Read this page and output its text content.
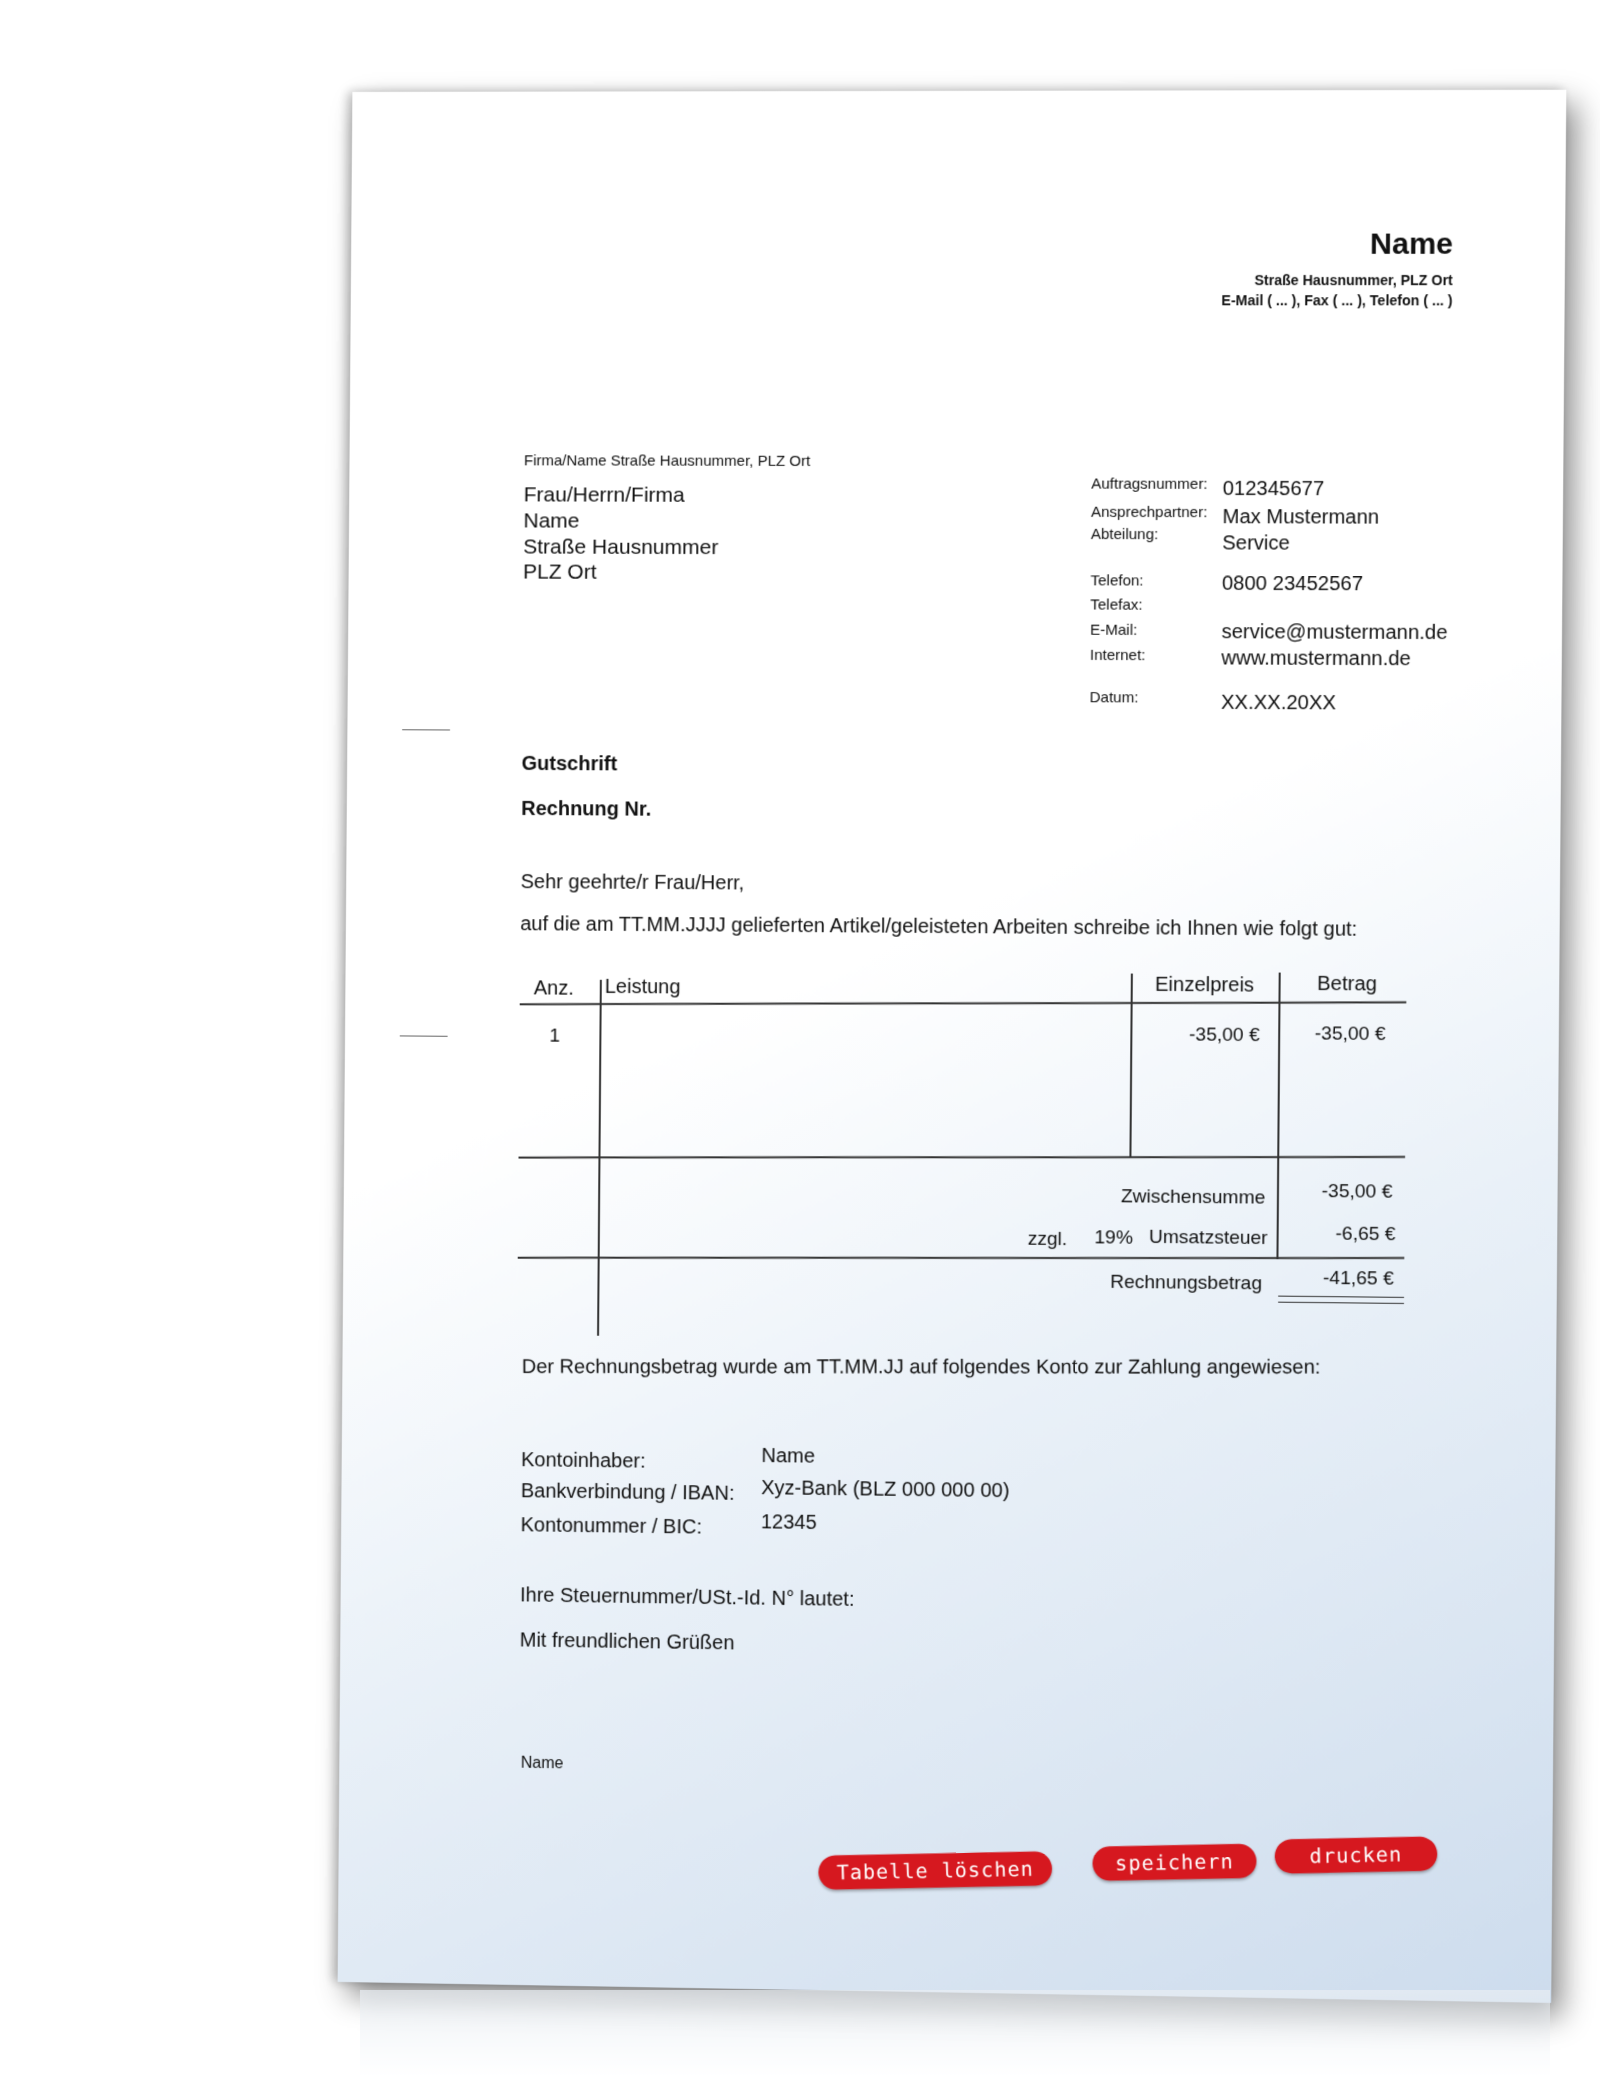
Name
Straße Hausnummer, PLZ Ort
E-Mail ( ... ), Fax ( ... ), Telefon ( ... )
Firma/Name Straße Hausnummer, PLZ Ort
Frau/Herrn/Firma
Name
Straße Hausnummer
PLZ Ort
Auftragsnummer: 012345677
Ansprechpartner: Max Mustermann
Abteilung:	Service
Telefon:	0800 23452567
Telefax:
E-Mail:	service@mustermann.de
Internet:	www.mustermann.de
Datum:	XX.XX.20XX
Gutschrift
Rechnung Nr.
Sehr geehrte/r Frau/Herr,
auf die am TT.MM.JJJJ gelieferten Artikel/geleisteten Arbeiten schreibe ich Ihnen wie folgt gut:
Anz. Leistung	Einzelpreis	Betrag
1	-35,00 €	-35,00 €
Zwischensumme	-35,00 €
zzgl. 19% Umsatzsteuer	-6,65 €
Rechnungsbetrag	-41,65 €
Der Rechnungsbetrag wurde am TT.MM.JJ auf folgendes Konto zur Zahlung angewiesen:
Kontoinhaber:	Name
Bankverbindung / IBAN: Xyz-Bank (BLZ 000 000 00)
Kontonummer / BIC:	12345
Ihre Steuernummer/USt.-Id. N° lautet:
Mit freundlichen Grüßen
Name
Tabelle löschen	speichern	drucken
